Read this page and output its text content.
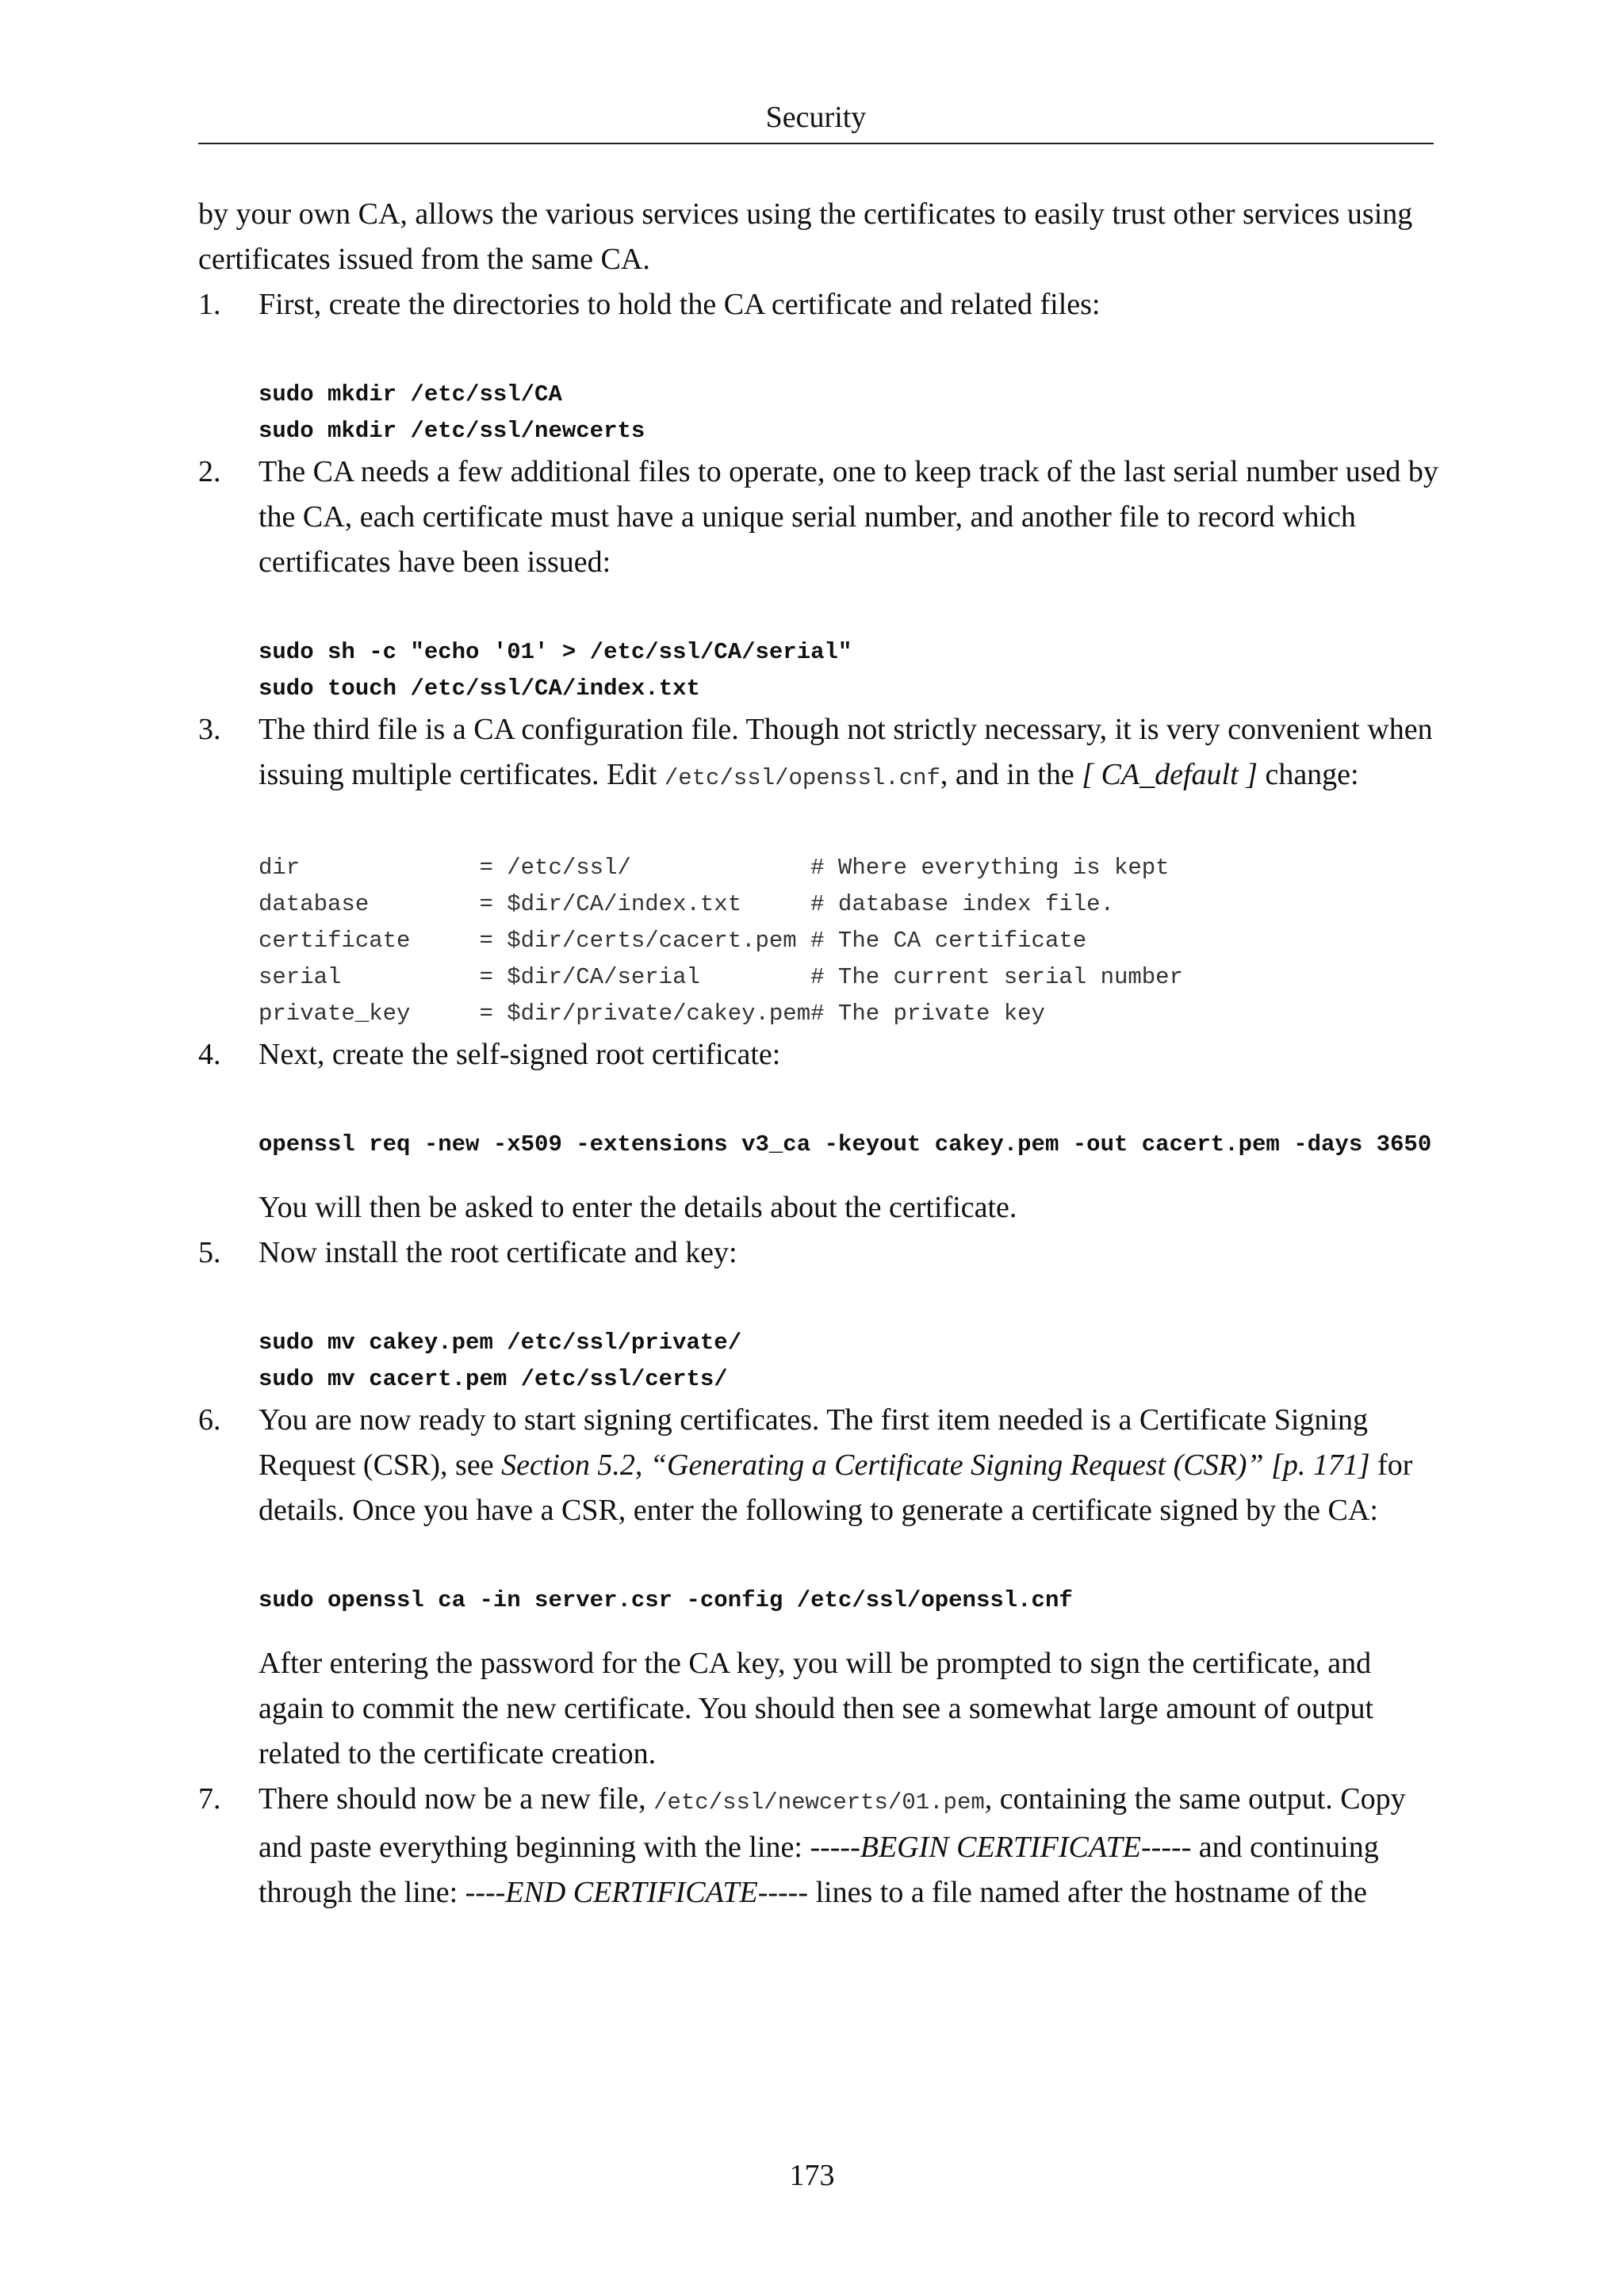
Security

by your own CA, allows the various services using the certificates to easily trust other services using certificates issued from the same CA.

1. First, create the directories to hold the CA certificate and related files:

sudo mkdir /etc/ssl/CA
sudo mkdir /etc/ssl/newcerts
2. The CA needs a few additional files to operate, one to keep track of the last serial number used by the CA, each certificate must have a unique serial number, and another file to record which certificates have been issued:

sudo sh -c "echo '01' > /etc/ssl/CA/serial"
sudo touch /etc/ssl/CA/index.txt
3. The third file is a CA configuration file. Though not strictly necessary, it is very convenient when issuing multiple certificates. Edit /etc/ssl/openssl.cnf, and in the [ CA_default ] change:

dir             = /etc/ssl/             # Where everything is kept
database        = $dir/CA/index.txt     # database index file.
certificate     = $dir/certs/cacert.pem # The CA certificate
serial          = $dir/CA/serial        # The current serial number
private_key     = $dir/private/cakey.pem# The private key
4. Next, create the self-signed root certificate:

openssl req -new -x509 -extensions v3_ca -keyout cakey.pem -out cacert.pem -days 3650

You will then be asked to enter the details about the certificate.

5. Now install the root certificate and key:

sudo mv cakey.pem /etc/ssl/private/
sudo mv cacert.pem /etc/ssl/certs/
6. You are now ready to start signing certificates. The first item needed is a Certificate Signing Request (CSR), see Section 5.2, “Generating a Certificate Signing Request (CSR)” [p. 171] for details. Once you have a CSR, enter the following to generate a certificate signed by the CA:

sudo openssl ca -in server.csr -config /etc/ssl/openssl.cnf

After entering the password for the CA key, you will be prompted to sign the certificate, and again to commit the new certificate. You should then see a somewhat large amount of output related to the certificate creation.

7. There should now be a new file, /etc/ssl/newcerts/01.pem, containing the same output. Copy and paste everything beginning with the line: -----BEGIN CERTIFICATE----- and continuing through the line: ----END CERTIFICATE----- lines to a file named after the hostname of the

173
